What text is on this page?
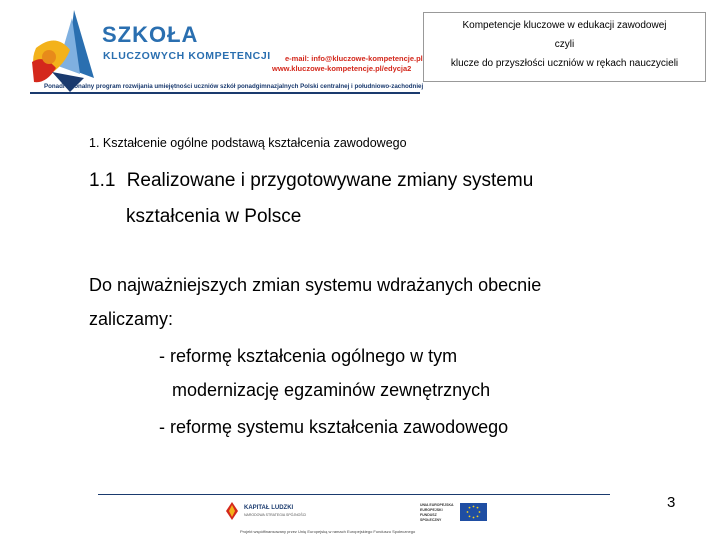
SZKOŁA
KLUCZOWYCH KOMPETENCJI e-mail: info@kluczowe-kompetencje.pl
www.kluczowe-kompetencje.pl/edycja2
Ponadregionalny program rozwijania umiejętności uczniów szkół ponadgimnazjalnych Polski centralnej i południowo-zachodniej
Kompetencje kluczowe w edukacji zawodowej
czyli
klucze do przyszłości uczniów w rękach nauczycieli
1. Kształcenie ogólne podstawą kształcenia zawodowego
1.1 Realizowane i przygotowywane zmiany systemu
kształcenia w Polsce
Do najważniejszych zmian systemu wdrażanych obecnie
zaliczamy:
- reformę kształcenia ogólnego w tym
modernizację egzaminów zewnętrznych
- reformę systemu kształcenia zawodowego
3
KAPITAŁ LUDZKI
NARODOWA STRATEGIA SPÓJNOŚCI
UNIA EUROPEJSKA EUROPEJSKI FUNDUSZ SPOŁECZNY
Projekt współfinansowany przez Unię Europejską w ramach Europejskiego Funduszu Społecznego
